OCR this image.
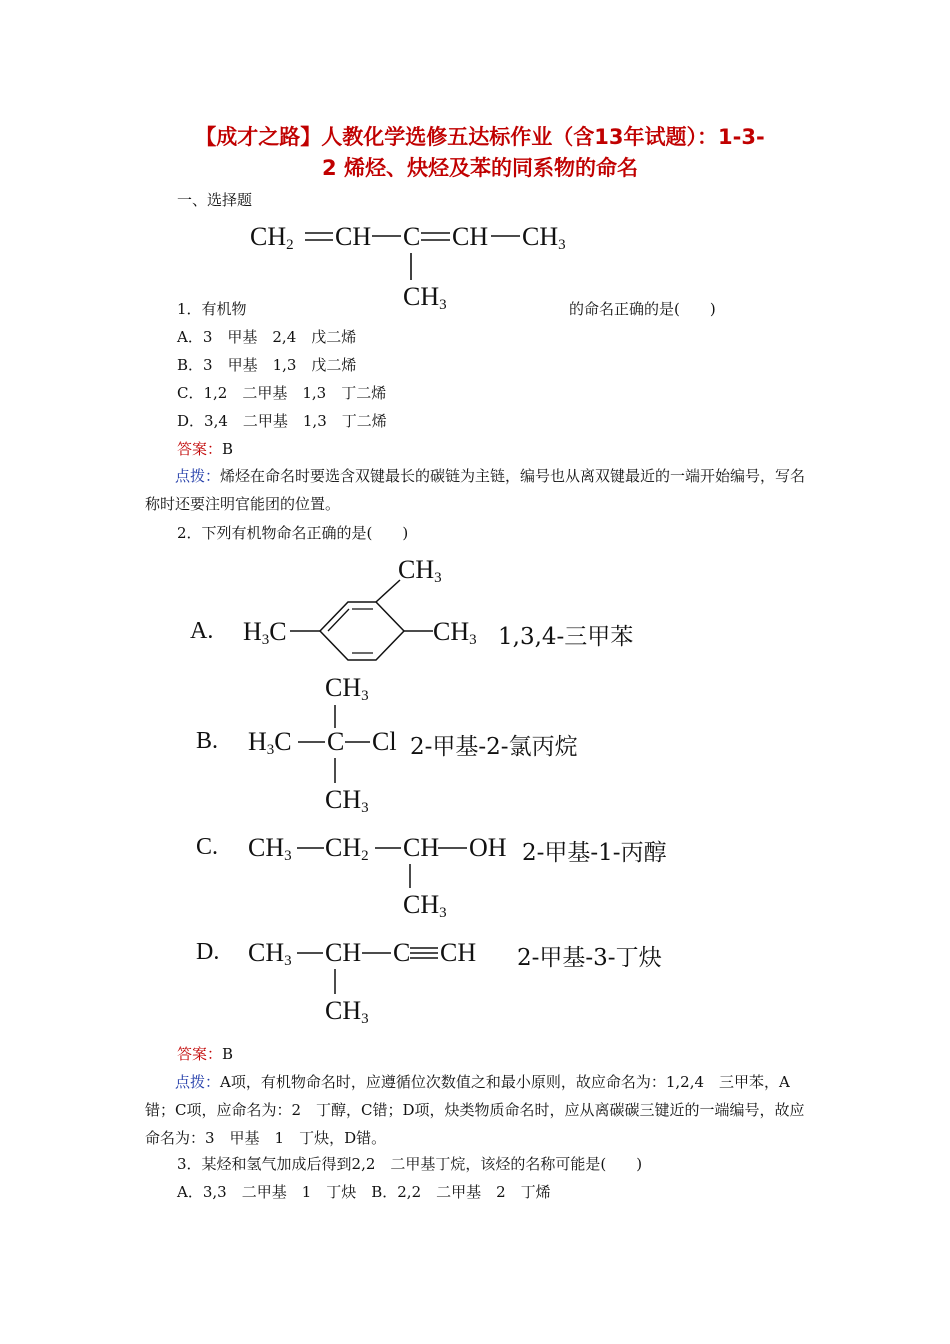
【成才之路】人教化学选修五达标作业（含13年试题）：1-3-
2 烯烃、炔烃及苯的同系物的命名
一、选择题
$CH_2$ CH C CH $CH_3$
$CH_3$
1．有机物	的命名正确的是(　　)
A．3　甲基　2,4　戊二烯
B．3　甲基　1,3　戊二烯
C．1,2　二甲基　1,3　丁二烯
D．3,4　二甲基　1,3　丁二烯
答案：B
点拨：烯烃在命名时要选含双键最长的碳链为主链，编号也从离双键最近的一端开始编号，写名称时还要注明官能团的位置。
2．下列有机物命名正确的是(　　)
A. $H_3C$	$CH_3$
$CH_3$
1,3,4-三甲苯
B. $H_3C$ C Cl
$CH_3$
$CH_3$
2-甲基-2-氯丙烷
C. $CH_3$ $CH_2$ CH OH
$CH_3$
2-甲基-1-丙醇
D. $CH_3$ CH C CH
$CH_3$
2-甲基-3-丁炔
答案：B
点拨：A项，有机物命名时，应遵循位次数值之和最小原则，故应命名为：1,2,4　三甲苯，A错；C项，应命名为：2　丁醇，C错；D项，炔类物质命名时，应从离碳碳三键近的一端编号，故应命名为：3　甲基　1　丁炔，D错。
3．某烃和氢气加成后得到2,2　二甲基丁烷，该烃的名称可能是(　　)
A．3,3　二甲基　1　丁炔　B．2,2　二甲基　2　丁烯
